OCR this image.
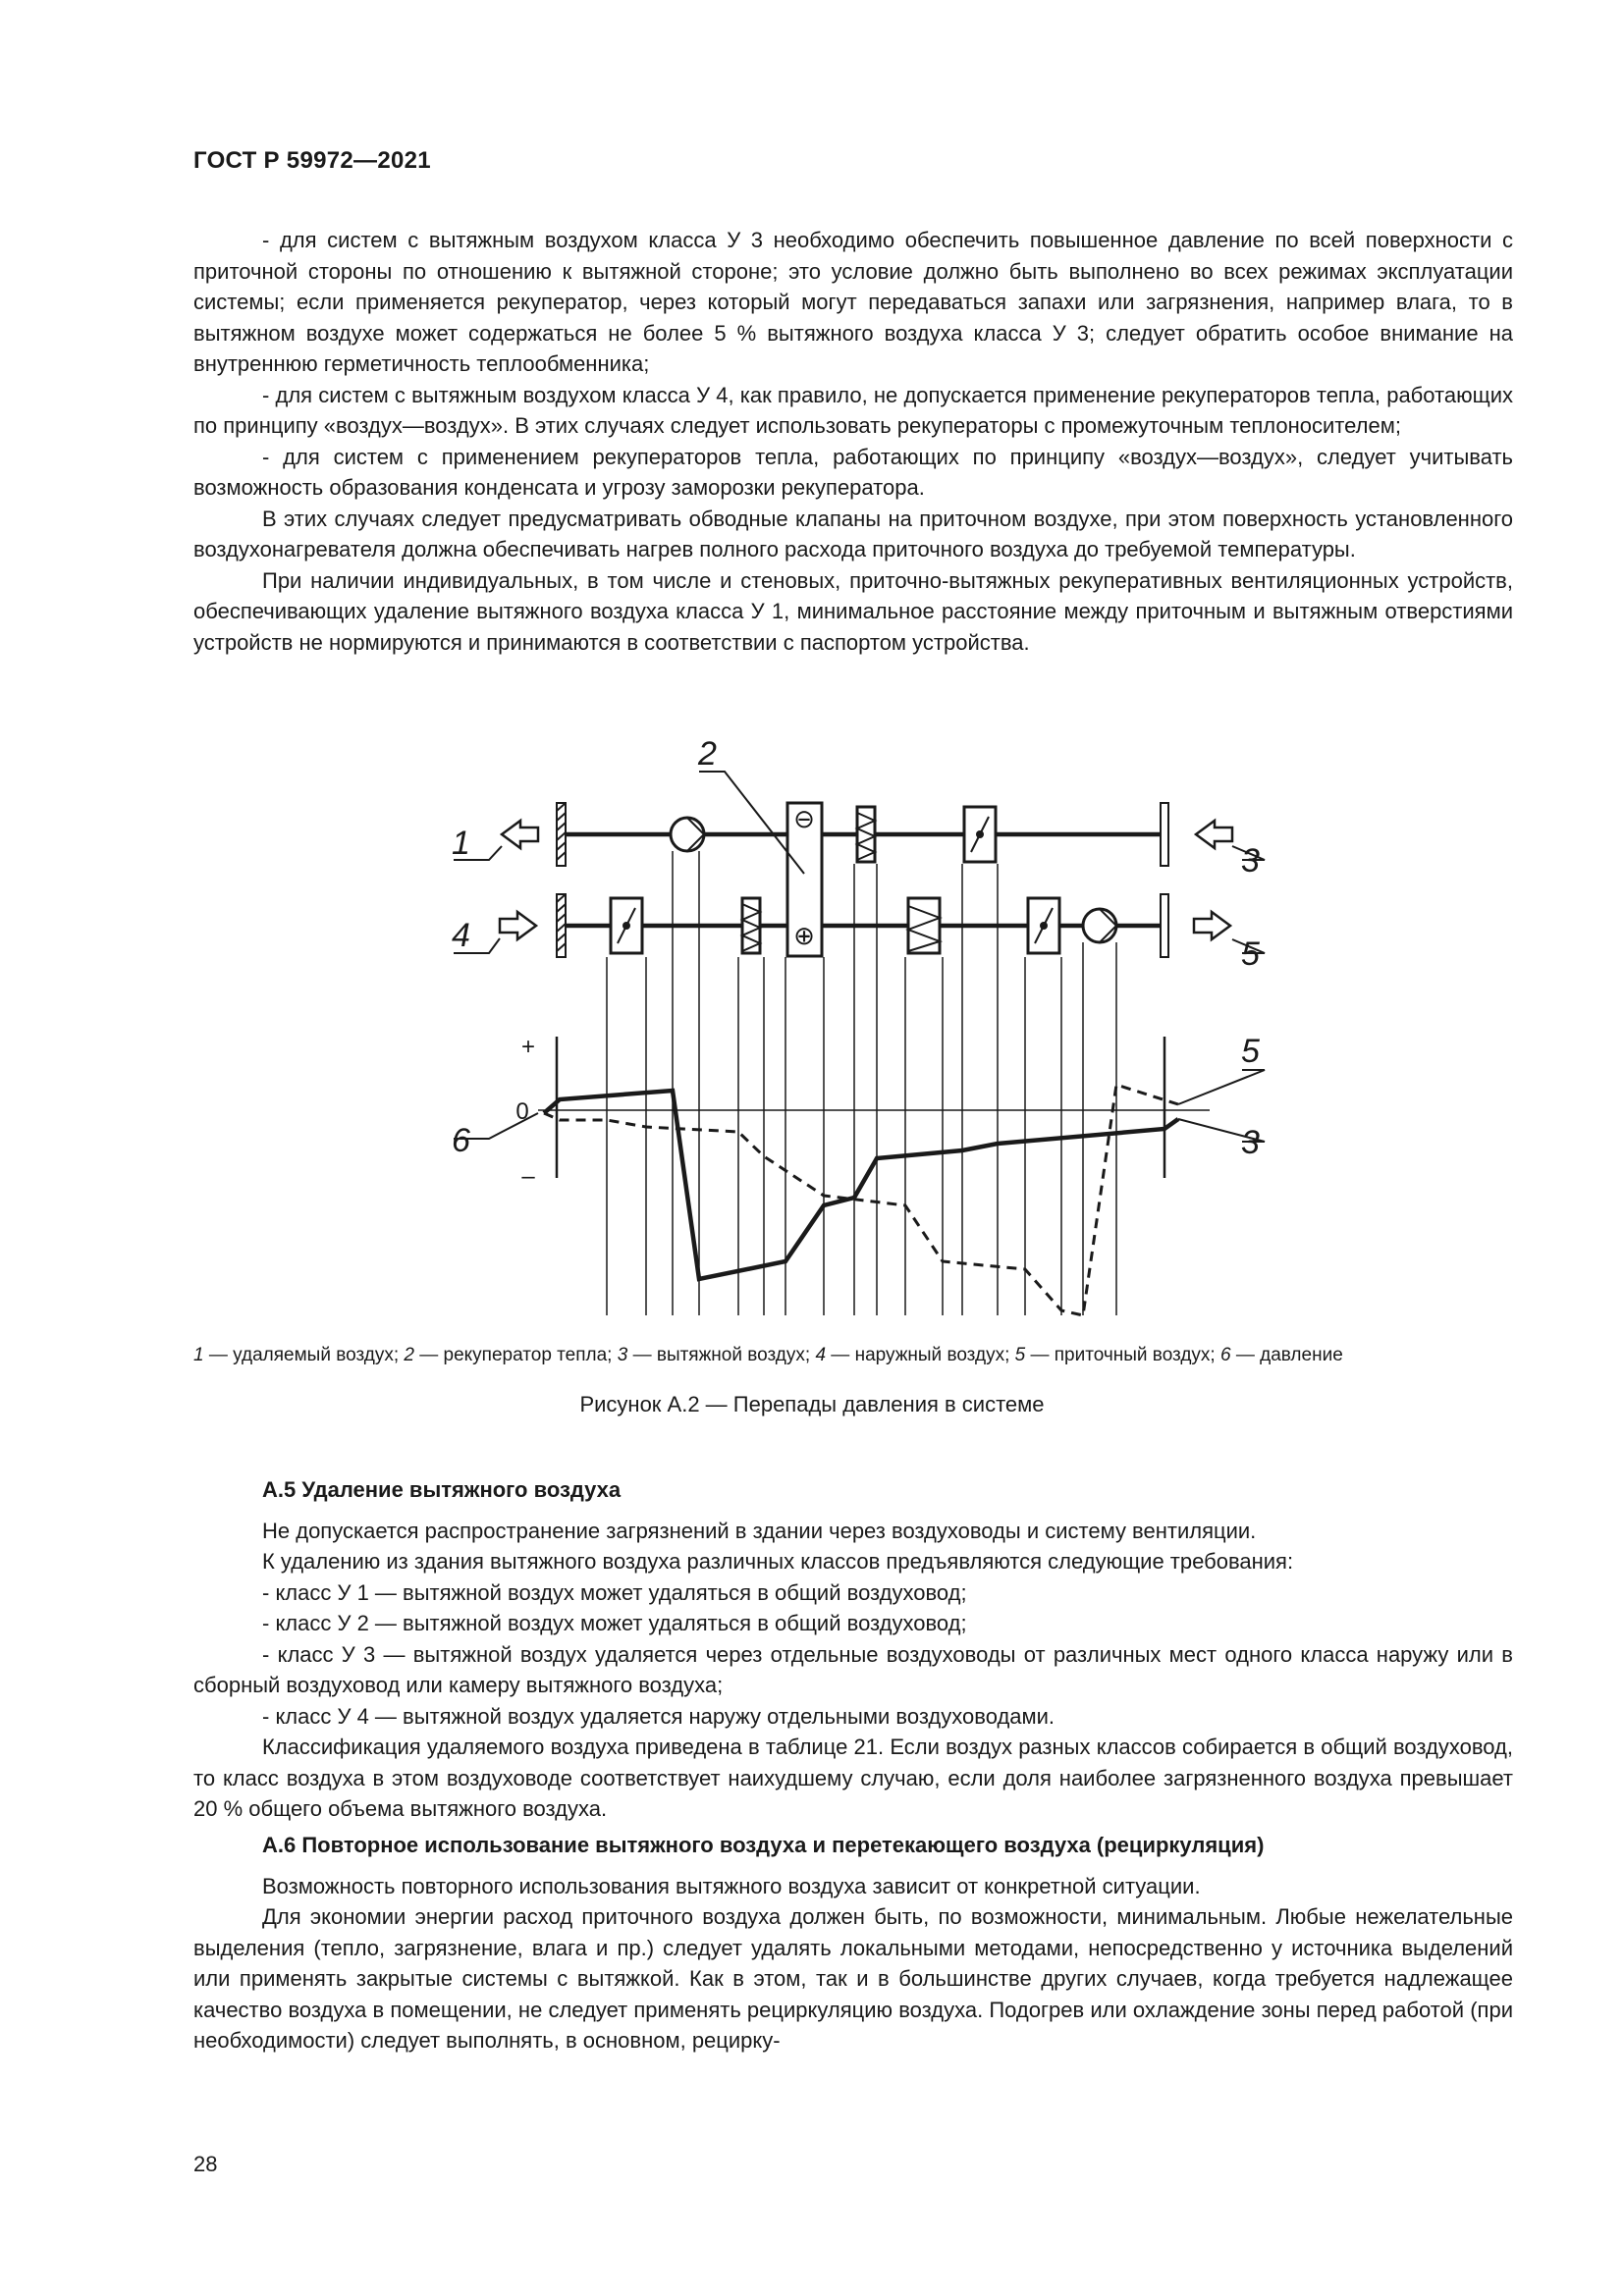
ГОСТ Р 59972—2021

- для систем с вытяжным воздухом класса У 3 необходимо обеспечить повышенное давление по всей поверхности с приточной стороны по отношению к вытяжной стороне; это условие должно быть выполнено во всех режимах эксплуатации системы; если применяется рекуператор, через который могут передаваться запахи или загрязнения, например влага, то в вытяжном воздухе может содержаться не более 5 % вытяжного воздуха класса У 3; следует обратить особое внимание на внутреннюю герметичность теплообменника;

- для систем с вытяжным воздухом класса У 4, как правило, не допускается применение рекуператоров тепла, работающих по принципу «воздух—воздух». В этих случаях следует использовать рекуператоры с промежуточным теплоносителем;

- для систем с применением рекуператоров тепла, работающих по принципу «воздух—воздух», следует учитывать возможность образования конденсата и угрозу заморозки рекуператора.

В этих случаях следует предусматривать обводные клапаны на приточном воздухе, при этом поверхность установленного воздухонагревателя должна обеспечивать нагрев полного расхода приточного воздуха до требуемой температуры.

При наличии индивидуальных, в том числе и стеновых, приточно-вытяжных рекуперативных вентиляционных устройств, обеспечивающих удаление вытяжного воздуха класса У 1, минимальное расстояние между приточным и вытяжным отверстиями устройств не нормируются и принимаются в соответствии с паспортом устройства.

⊖
⊕
1
2
3
4	5
5
3
6
+
0
–
1 — удаляемый воздух; 2 — рекуператор тепла; 3 — вытяжной воздух; 4 — наружный воздух; 5 — приточный воздух; 6 — давление
Рисунок А.2 — Перепады давления в системе
А.5 Удаление вытяжного воздуха

Не допускается распространение загрязнений в здании через воздуховоды и систему вентиляции.

К удалению из здания вытяжного воздуха различных классов предъявляются следующие требования:

- класс У 1 — вытяжной воздух может удаляться в общий воздуховод;

- класс У 2 — вытяжной воздух может удаляться в общий воздуховод;

- класс У 3 — вытяжной воздух удаляется через отдельные воздуховоды от различных мест одного класса наружу или в сборный воздуховод или камеру вытяжного воздуха;

- класс У 4 — вытяжной воздух удаляется наружу отдельными воздуховодами.

Классификация удаляемого воздуха приведена в таблице 21. Если воздух разных классов собирается в общий воздуховод, то класс воздуха в этом воздуховоде соответствует наихудшему случаю, если доля наиболее загрязненного воздуха превышает 20 % общего объема вытяжного воздуха.

А.6 Повторное использование вытяжного воздуха и перетекающего воздуха (рециркуляция)

Возможность повторного использования вытяжного воздуха зависит от конкретной ситуации.

Для экономии энергии расход приточного воздуха должен быть, по возможности, минимальным. Любые нежелательные выделения (тепло, загрязнение, влага и пр.) следует удалять локальными методами, непосредственно у источника выделений или применять закрытые системы с вытяжкой. Как в этом, так и в большинстве других случаев, когда требуется надлежащее качество воздуха в помещении, не следует применять рециркуляцию воздуха. Подогрев или охлаждение зоны перед работой (при необходимости) следует выполнять, в основном, рецирку-

28
